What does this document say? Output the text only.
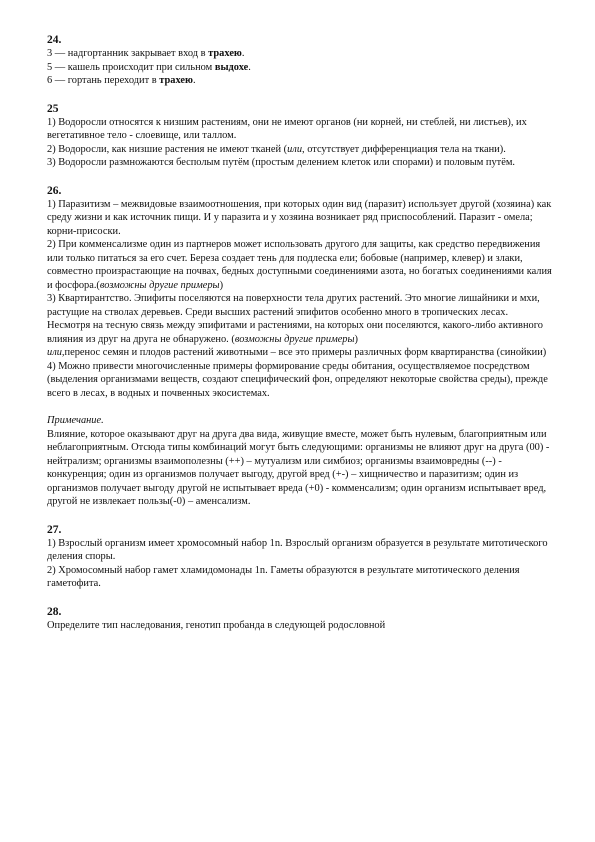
24.

3 — надгортанник закрывает вход в трахею.

5 — кашель происходит при сильном выдохе.

6 — гортань переходит в трахею.

25

1) Водоросли относятся к низшим растениям, они не имеют органов (ни корней, ни стеблей, ни листьев), их вегетативное тело - слоевище, или таллом.

2) Водоросли, как низшие растения не имеют тканей (или, отсутствует дифференциация тела на ткани).

3) Водоросли размножаются бесполым путём (простым делением клеток или спорами) и половым путём.

26.

1) Паразитизм – межвидовые взаимоотношения, при которых один вид (паразит) использует другой (хозяина) как среду жизни и как источник пищи. И у паразита и у хозяина возникает ряд приспособлений. Паразит - омела; корни-присоски.

2) При комменсализме один из партнеров может использовать другого для защиты, как средство передвижения или только питаться за его счет. Береза создает тень для подлеска ели; бобовые (например, клевер) и злаки, совместно произрастающие на почвах, бедных доступными соединениями азота, но богатых соединениями калия и фосфора.(возможны другие примеры)

3) Квартирантство. Эпифиты поселяются на поверхности тела других растений. Это многие лишайники и мхи, растущие на стволах деревьев. Среди высших растений эпифитов особенно много в тропических лесах. Несмотря на тесную связь между эпифитами и растениями, на которых они поселяются, какого-либо активного влияния из друг на друга не обнаружено. (возможны другие примеры)

или,перенос семян и плодов растений животными – все это примеры различных форм квартиранства (синойкии)

4) Можно привести многочисленные примеры формирование среды обитания, осуществляемое посредством (выделения организмами веществ, создают специфический фон, определяют некоторые свойства среды), прежде всего в лесах, в водных и почвенных экосистемах.

Примечание.

Влияние, которое оказывают друг на друга два вида, живущие вместе, может быть нулевым, благоприятным или неблагоприятным. Отсюда типы комбинаций могут быть следующими: организмы не влияют друг на друга (00) - нейтрализм; организмы взаимополезны (++) – мутуализм или симбиоз; организмы взаимовредны (--) - конкуренция; один из организмов получает выгоду, другой вред (+-) – хищничество и паразитизм; один из организмов получает выгоду другой не испытывает вреда (+0) - комменсализм; один организм испытывает вред, другой не извлекает пользы(-0) – аменсализм.

27.

1) Взрослый организм имеет хромосомный набор 1n. Взрослый организм образуется в результате митотического деления споры.

2) Хромосомный набор гамет хламидомонады 1n. Гаметы образуются в результате митотического деления гаметофита.

28.

Определите тип наследования, генотип пробанда в следующей родословной
